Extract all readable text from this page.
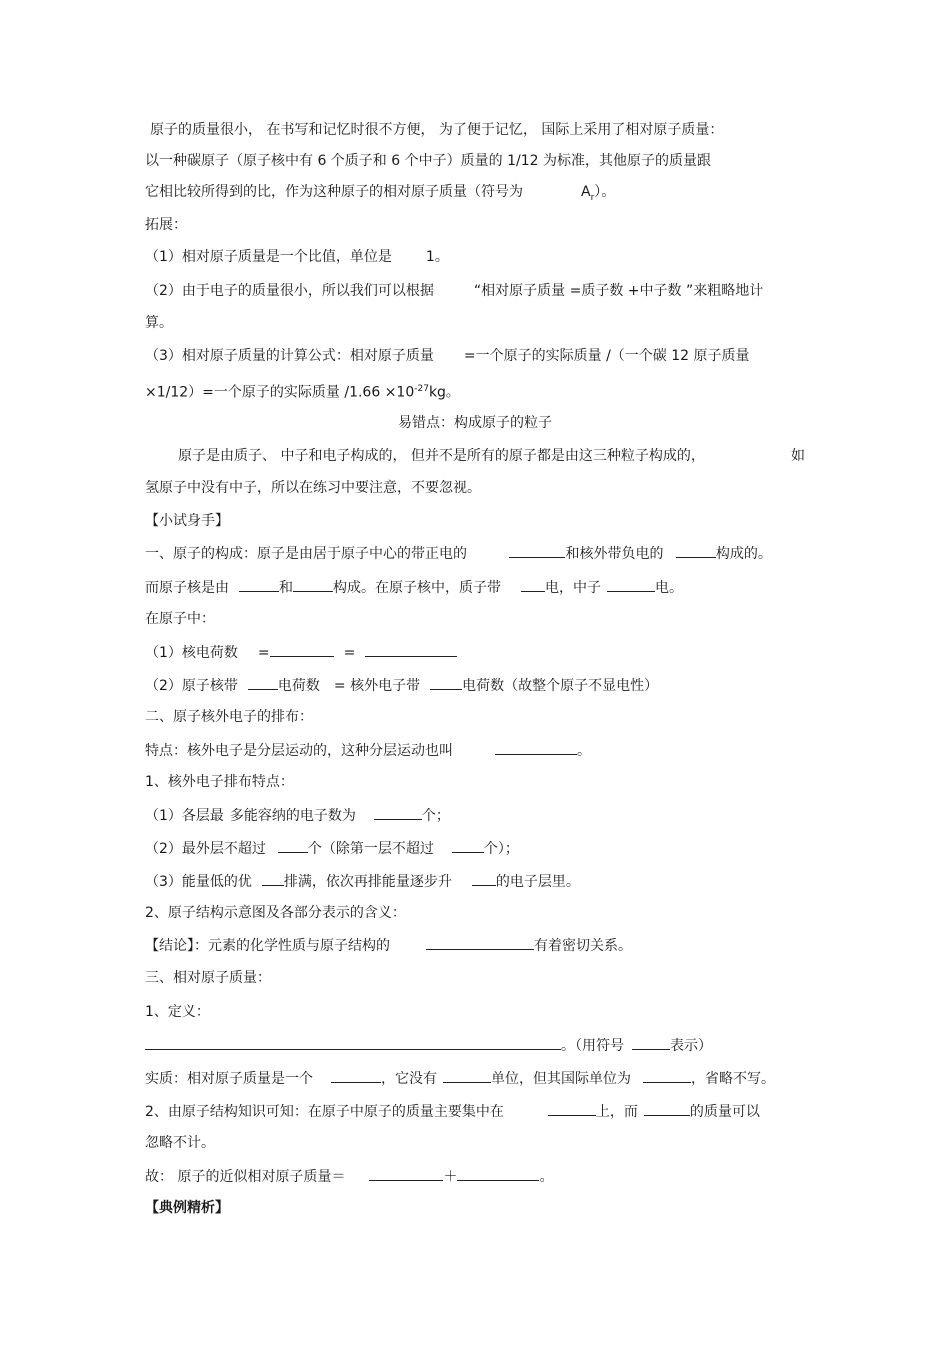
原子的质量很小， 在书写和记忆时很不方便， 为了便于记忆， 国际上采用了相对原子质量：
以一种碳原子（原子核中有 6 个质子和 6 个中子）质量的 1/12 为标准，其他原子的质量跟
它相比较所得到的比，作为这种原子的相对原子质量（符号为	$A_r$）。
拓展：
（1）相对原子质量是一个比值，单位是 1。
（2）由于电子的质量很小，所以我们可以根据	“相对原子质量 =质子数 +中子数 ”来粗略地计
算。
（3）相对原子质量的计算公式：相对原子质量 =一个原子的实际质量 /（一个碳 12 原子质量
×1/12）=一个原子的实际质量 $/1.66 \times 10^{-27}kg$。
易错点：构成原子的粒子
原子是由质子、 中子和电子构成的， 但并不是所有的原子都是由这三种粒子构成的，	如
氢原子中没有中子，所以在练习中要注意，不要忽视。
【小试身手】
一、原子的构成：原子是由居于原子中心的带正电的	和核外带负电的	构成的。
而原子核是由	和	构成。在原子核中，质子带	电，中子	电。
在原子中：
（1）核电荷数 =	=
（2）原子核带	电荷数 = 核外电子带	电荷数（故整个原子不显电性）
二、原子核外电子的排布：
特点：核外电子是分层运动的，这种分层运动也叫	。
1、核外电子排布特点：
（1）各层最 多能容纳的电子数为	个；
（2）最外层不超过	个（除第一层不超过	个）；
（3）能量低的优 排满，依次再排能量逐步升	的电子层里。
2、原子结构示意图及各部分表示的含义：
【结论】：元素的化学性质与原子结构的	有着密切关系。
三、相对原子质量：
1、定义：
。（用符号	表示）
实质：相对原子质量是一个	，它没有	单位，但其国际单位为	，省略不写。
2、由原子结构知识可知：在原子中原子的质量主要集中在	上，而	的质量可以
忽略不计。
故： 原子的近似相对原子质量＝	＋	。
【典例精析】
